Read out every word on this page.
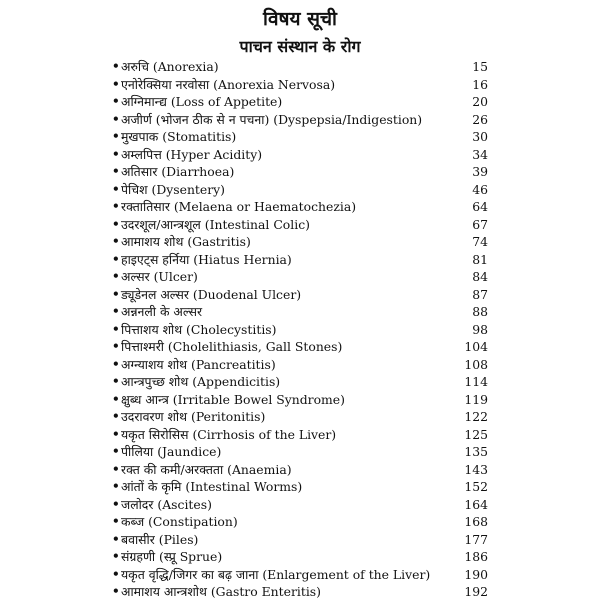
विषय सूची
पाचन संस्थान के रोग
• अरुचि (Anorexia)	15
• एनोरेक्सिया नरवोसा (Anorexia Nervosa)	16
• अग्निमान्द्य (Loss of Appetite)	20
• अजीर्ण (भोजन ठीक से न पचना) (Dyspepsia/Indigestion)	26
• मुखपाक (Stomatitis)	30
• अम्लपित्त (Hyper Acidity)	34
• अतिसार (Diarrhoea)	39
• पेचिश (Dysentery)	46
• रक्तातिसार (Melaena or Haematochezia)	64
• उदरशूल/आन्त्रशूल (Intestinal Colic)	67
• आमाशय शोथ (Gastritis)	74
• हाइएट्स हर्निया (Hiatus Hernia)	81
• अल्सर (Ulcer)	84
• ड्यूडेनल अल्सर (Duodenal Ulcer)	87
• अन्ननली के अल्सर	88
• पित्ताशय शोथ (Cholecystitis)	98
• पित्ताश्मरी (Cholelithiasis, Gall Stones)	104
• अग्न्याशय शोथ (Pancreatitis)	108
• आन्त्रपुच्छ शोथ (Appendicitis)	114
• क्षुब्ध आन्त्र (Irritable Bowel Syndrome)	119
• उदरावरण शोथ (Peritonitis)	122
• यकृत सिरोसिस (Cirrhosis of the Liver)	125
• पीलिया (Jaundice)	135
• रक्त की कमी/अरक्तता (Anaemia)	143
• आंतों के कृमि (Intestinal Worms)	152
• जलोदर (Ascites)	164
• कब्ज (Constipation)	168
• बवासीर (Piles)	177
• संग्रहणी (स्प्रू Sprue)	186
• यकृत वृद्धि/जिगर का बढ़ जाना (Enlargement of the Liver)	190
• आमाशय आन्त्रशोथ (Gastro Enteritis)	192
